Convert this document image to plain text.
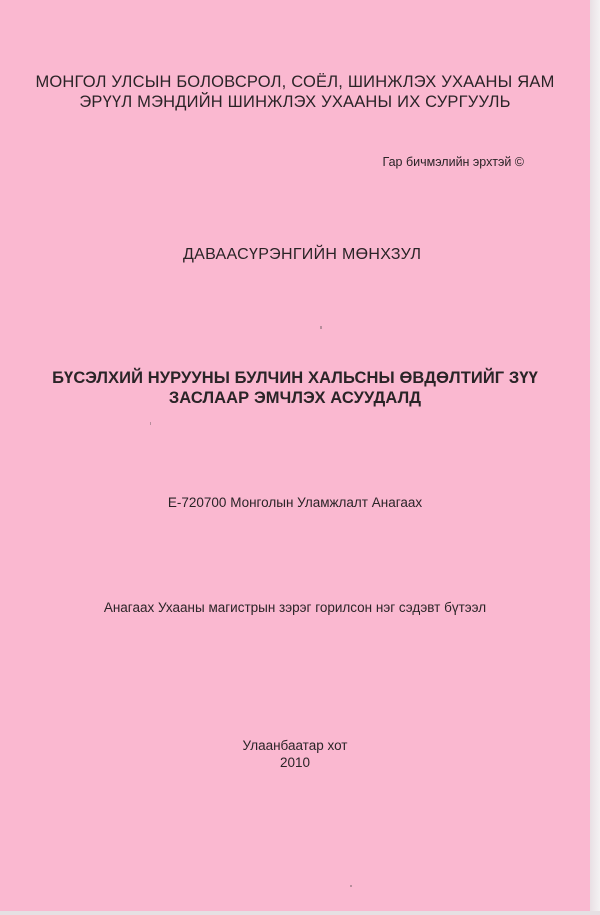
МОНГОЛ УЛСЫН БОЛОВСРОЛ, СОЁЛ, ШИНЖЛЭХ УХААНЫ ЯАМ
ЭРҮҮЛ МЭНДИЙН ШИНЖЛЭХ УХААНЫ ИХ СУРГУУЛЬ
Гар бичмэлийн эрхтэй ©
ДАВААСҮРЭНГИЙН МӨНХЗУЛ
БҮСЭЛХИЙ НУРУУНЫ БУЛЧИН ХАЛЬСНЫ ӨВДӨЛТИЙГ ЗҮҮ
ЗАСЛААР ЭМЧЛЭХ АСУУДАЛД
Е-720700 Монголын Уламжлалт Анагаах
Анагаах Ухааны магистрын зэрэг горилсон нэг сэдэвт бүтээл
Улаанбаатар хот
2010
